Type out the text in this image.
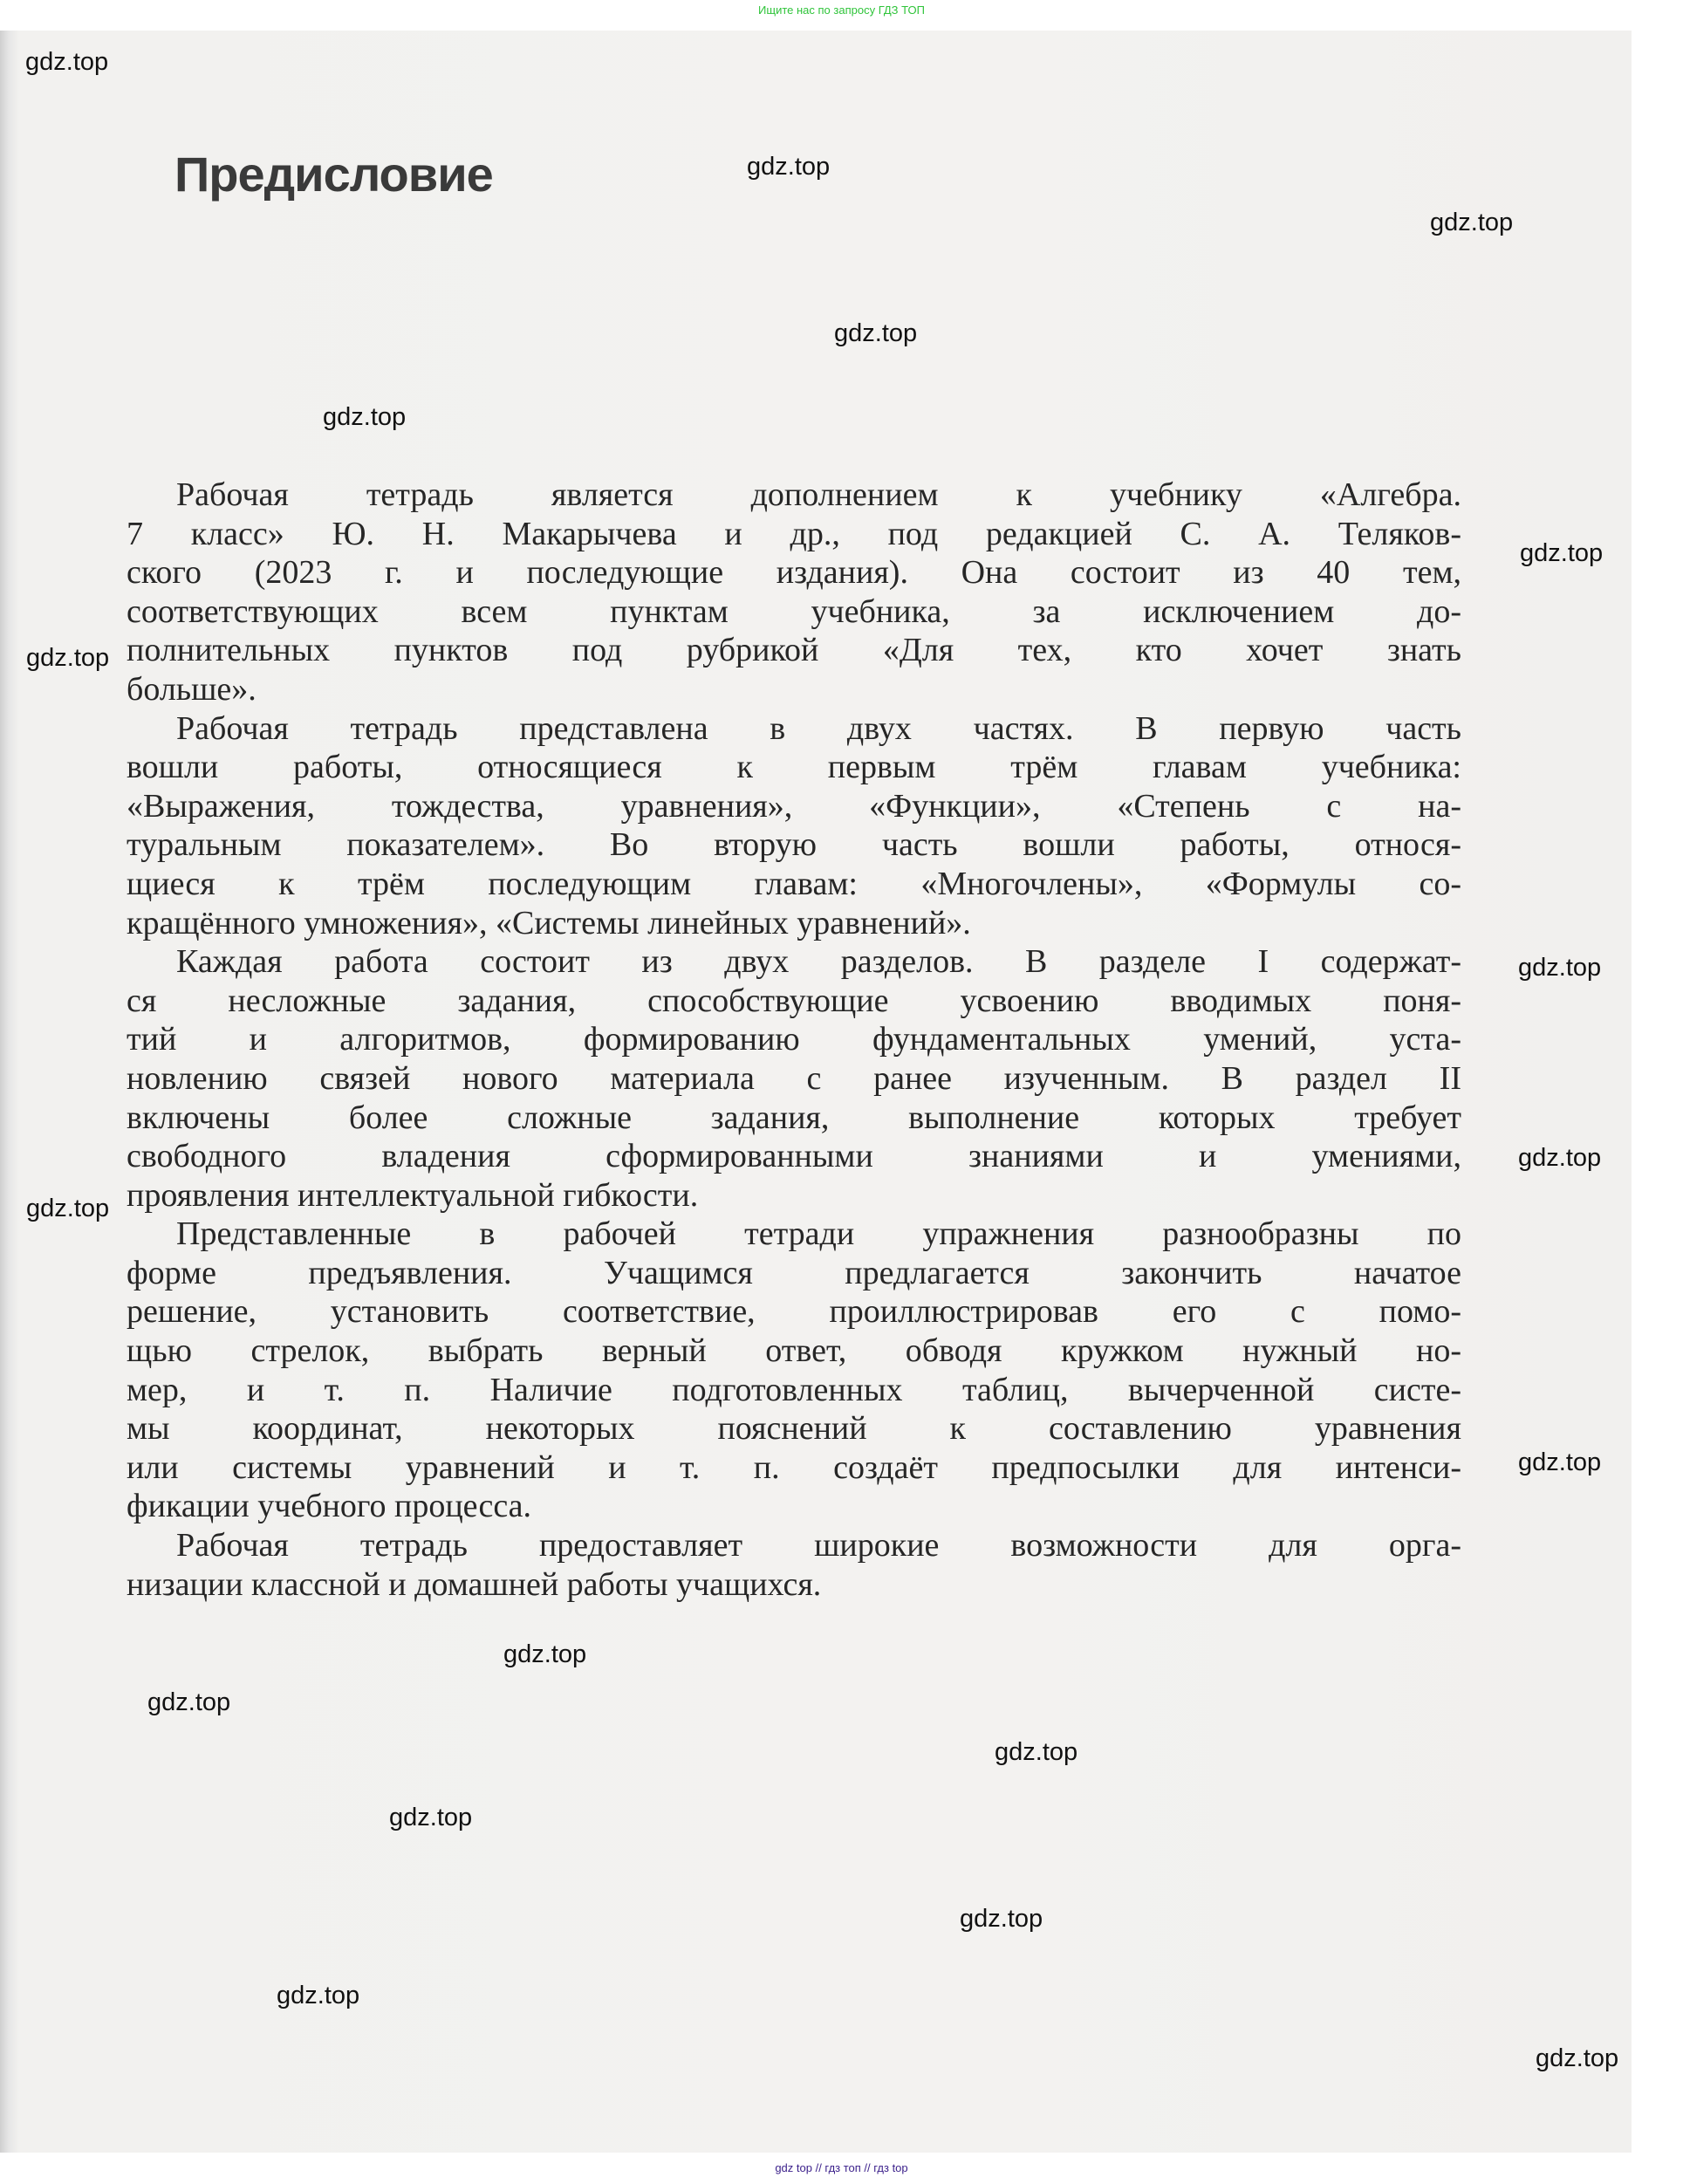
Ищите нас по запросу ГДЗ ТОП
Предисловие
Рабочая тетрадь является дополнением к учебнику «Алгебра.
7 класс» Ю. Н. Макарычева и др., под редакцией С. А. Теляков-
ского (2023 г. и последующие издания). Она состоит из 40 тем,
соответствующих всем пунктам учебника, за исключением до-
полнительных пунктов под рубрикой «Для тех, кто хочет знать
больше».
Рабочая тетрадь представлена в двух частях. В первую часть
вошли работы, относящиеся к первым трём главам учебника:
«Выражения, тождества, уравнения», «Функции», «Степень с на-
туральным показателем». Во вторую часть вошли работы, относя-
щиеся к трём последующим главам: «Многочлены», «Формулы со-
кращённого умножения», «Системы линейных уравнений».
Каждая работа состоит из двух разделов. В разделе I содержат-
ся несложные задания, способствующие усвоению вводимых поня-
тий и алгоритмов, формированию фундаментальных умений, уста-
новлению связей нового материала с ранее изученным. В раздел II
включены более сложные задания, выполнение которых требует
свободного владения сформированными знаниями и умениями,
проявления интеллектуальной гибкости.
Представленные в рабочей тетради упражнения разнообразны по
форме предъявления. Учащимся предлагается закончить начатое
решение, установить соответствие, проиллюстрировав его с помо-
щью стрелок, выбрать верный ответ, обводя кружком нужный но-
мер, и т. п. Наличие подготовленных таблиц, вычерченной систе-
мы координат, некоторых пояснений к составлению уравнения
или системы уравнений и т. п. создаёт предпосылки для интенси-
фикации учебного процесса.
Рабочая тетрадь предоставляет широкие возможности для орга-
низации классной и домашней работы учащихся.
gdz.top
gdz.top
gdz.top
gdz.top
gdz.top
gdz.top
gdz.top
gdz.top
gdz.top
gdz.top
gdz.top
gdz.top
gdz.top
gdz.top
gdz.top
gdz.top
gdz.top
gdz.top
gdz top // гдз топ // гдз top
